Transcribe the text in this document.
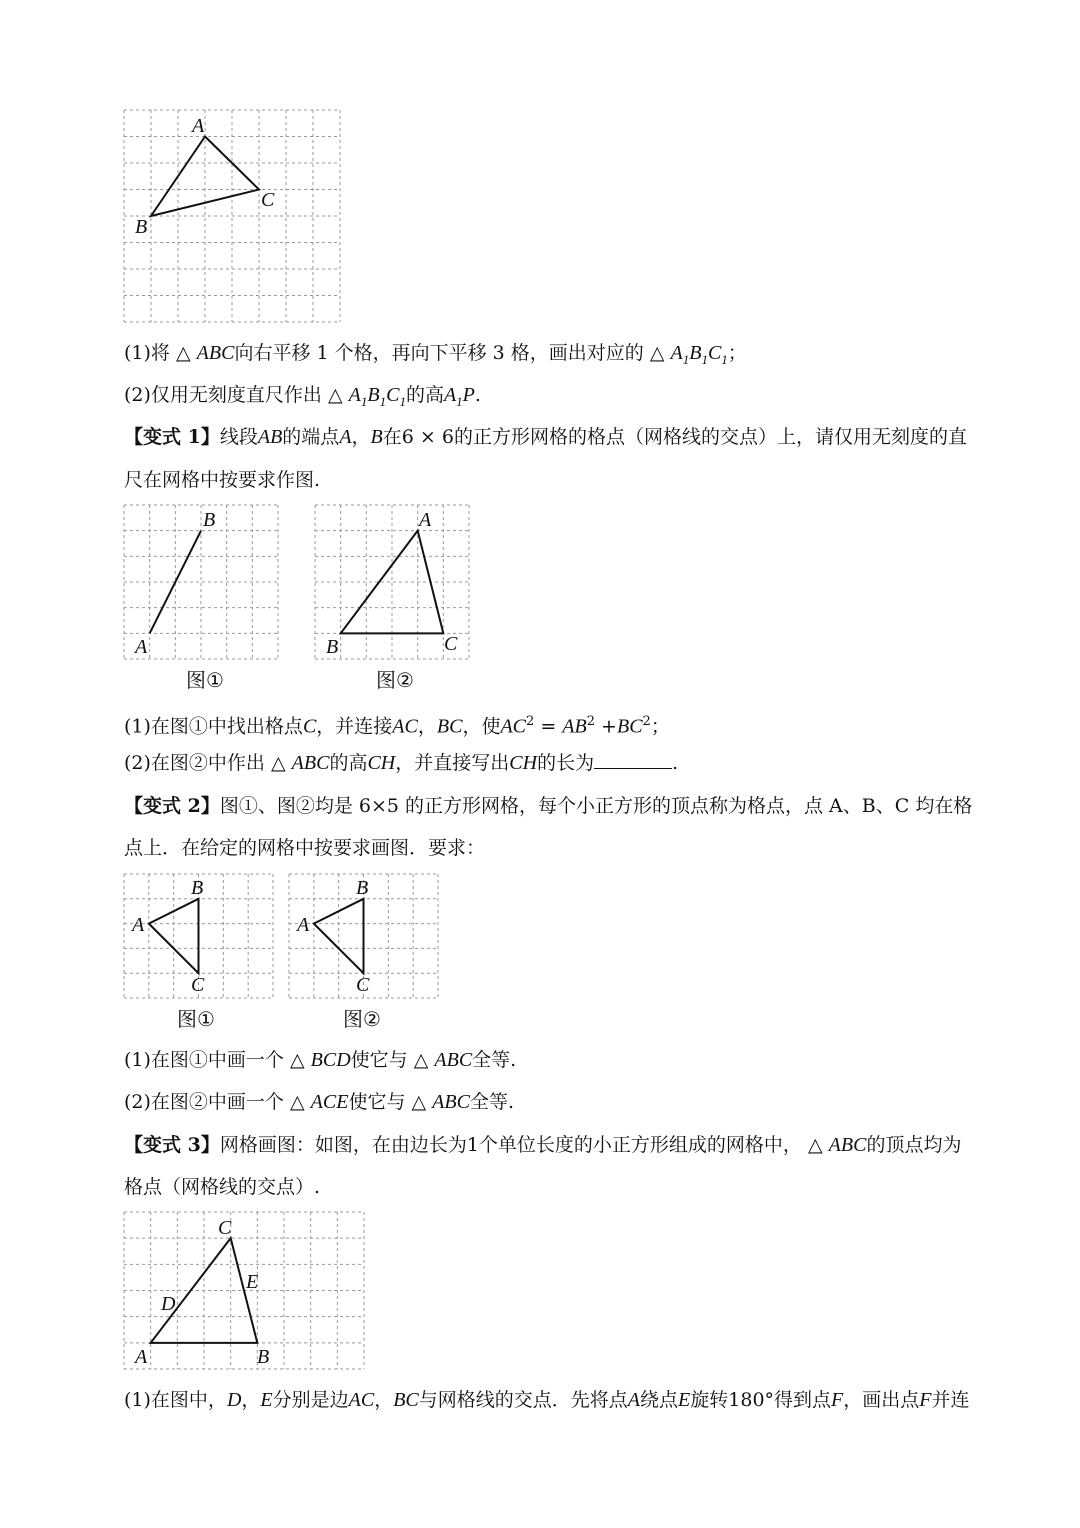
A
B
C
(1)将 △ ABC向右平移 1 个格，再向下平移 3 格，画出对应的 △ $A_1B_1C_1$；
(2)仅用无刻度直尺作出 △ $A_1B_1C_1$的高$A_1P$.
【变式 1】线段AB的端点A，B在6 × 6的正方形网格的格点（网格线的交点）上，请仅用无刻度的直
尺在网格中按要求作图.
B
A
图①
A
B	C
图②
(1)在图①中找出格点C，并连接AC，BC，使$AC^2 = AB^2 +BC^2$；
(2)在图②中作出 △ ABC的高CH，并直接写出CH的长为	.
【变式 2】图①、图②均是 6×5 的正方形网格，每个小正方形的顶点称为格点，点 A、B、C 均在格
点上．在给定的网格中按要求画图．要求：
B
A
C
图①
B
A
C
图②
(1)在图①中画一个 △ BCD使它与 △ ABC全等.
(2)在图②中画一个 △ ACE使它与 △ ABC全等.
【变式 3】网格画图：如图，在由边长为1个单位长度的小正方形组成的网格中， △ ABC的顶点均为
格点（网格线的交点）.
C
E
D
A	B
(1)在图中，D，E分别是边AC，BC与网格线的交点．先将点A绕点E旋转180°得到点F，画出点F并连
